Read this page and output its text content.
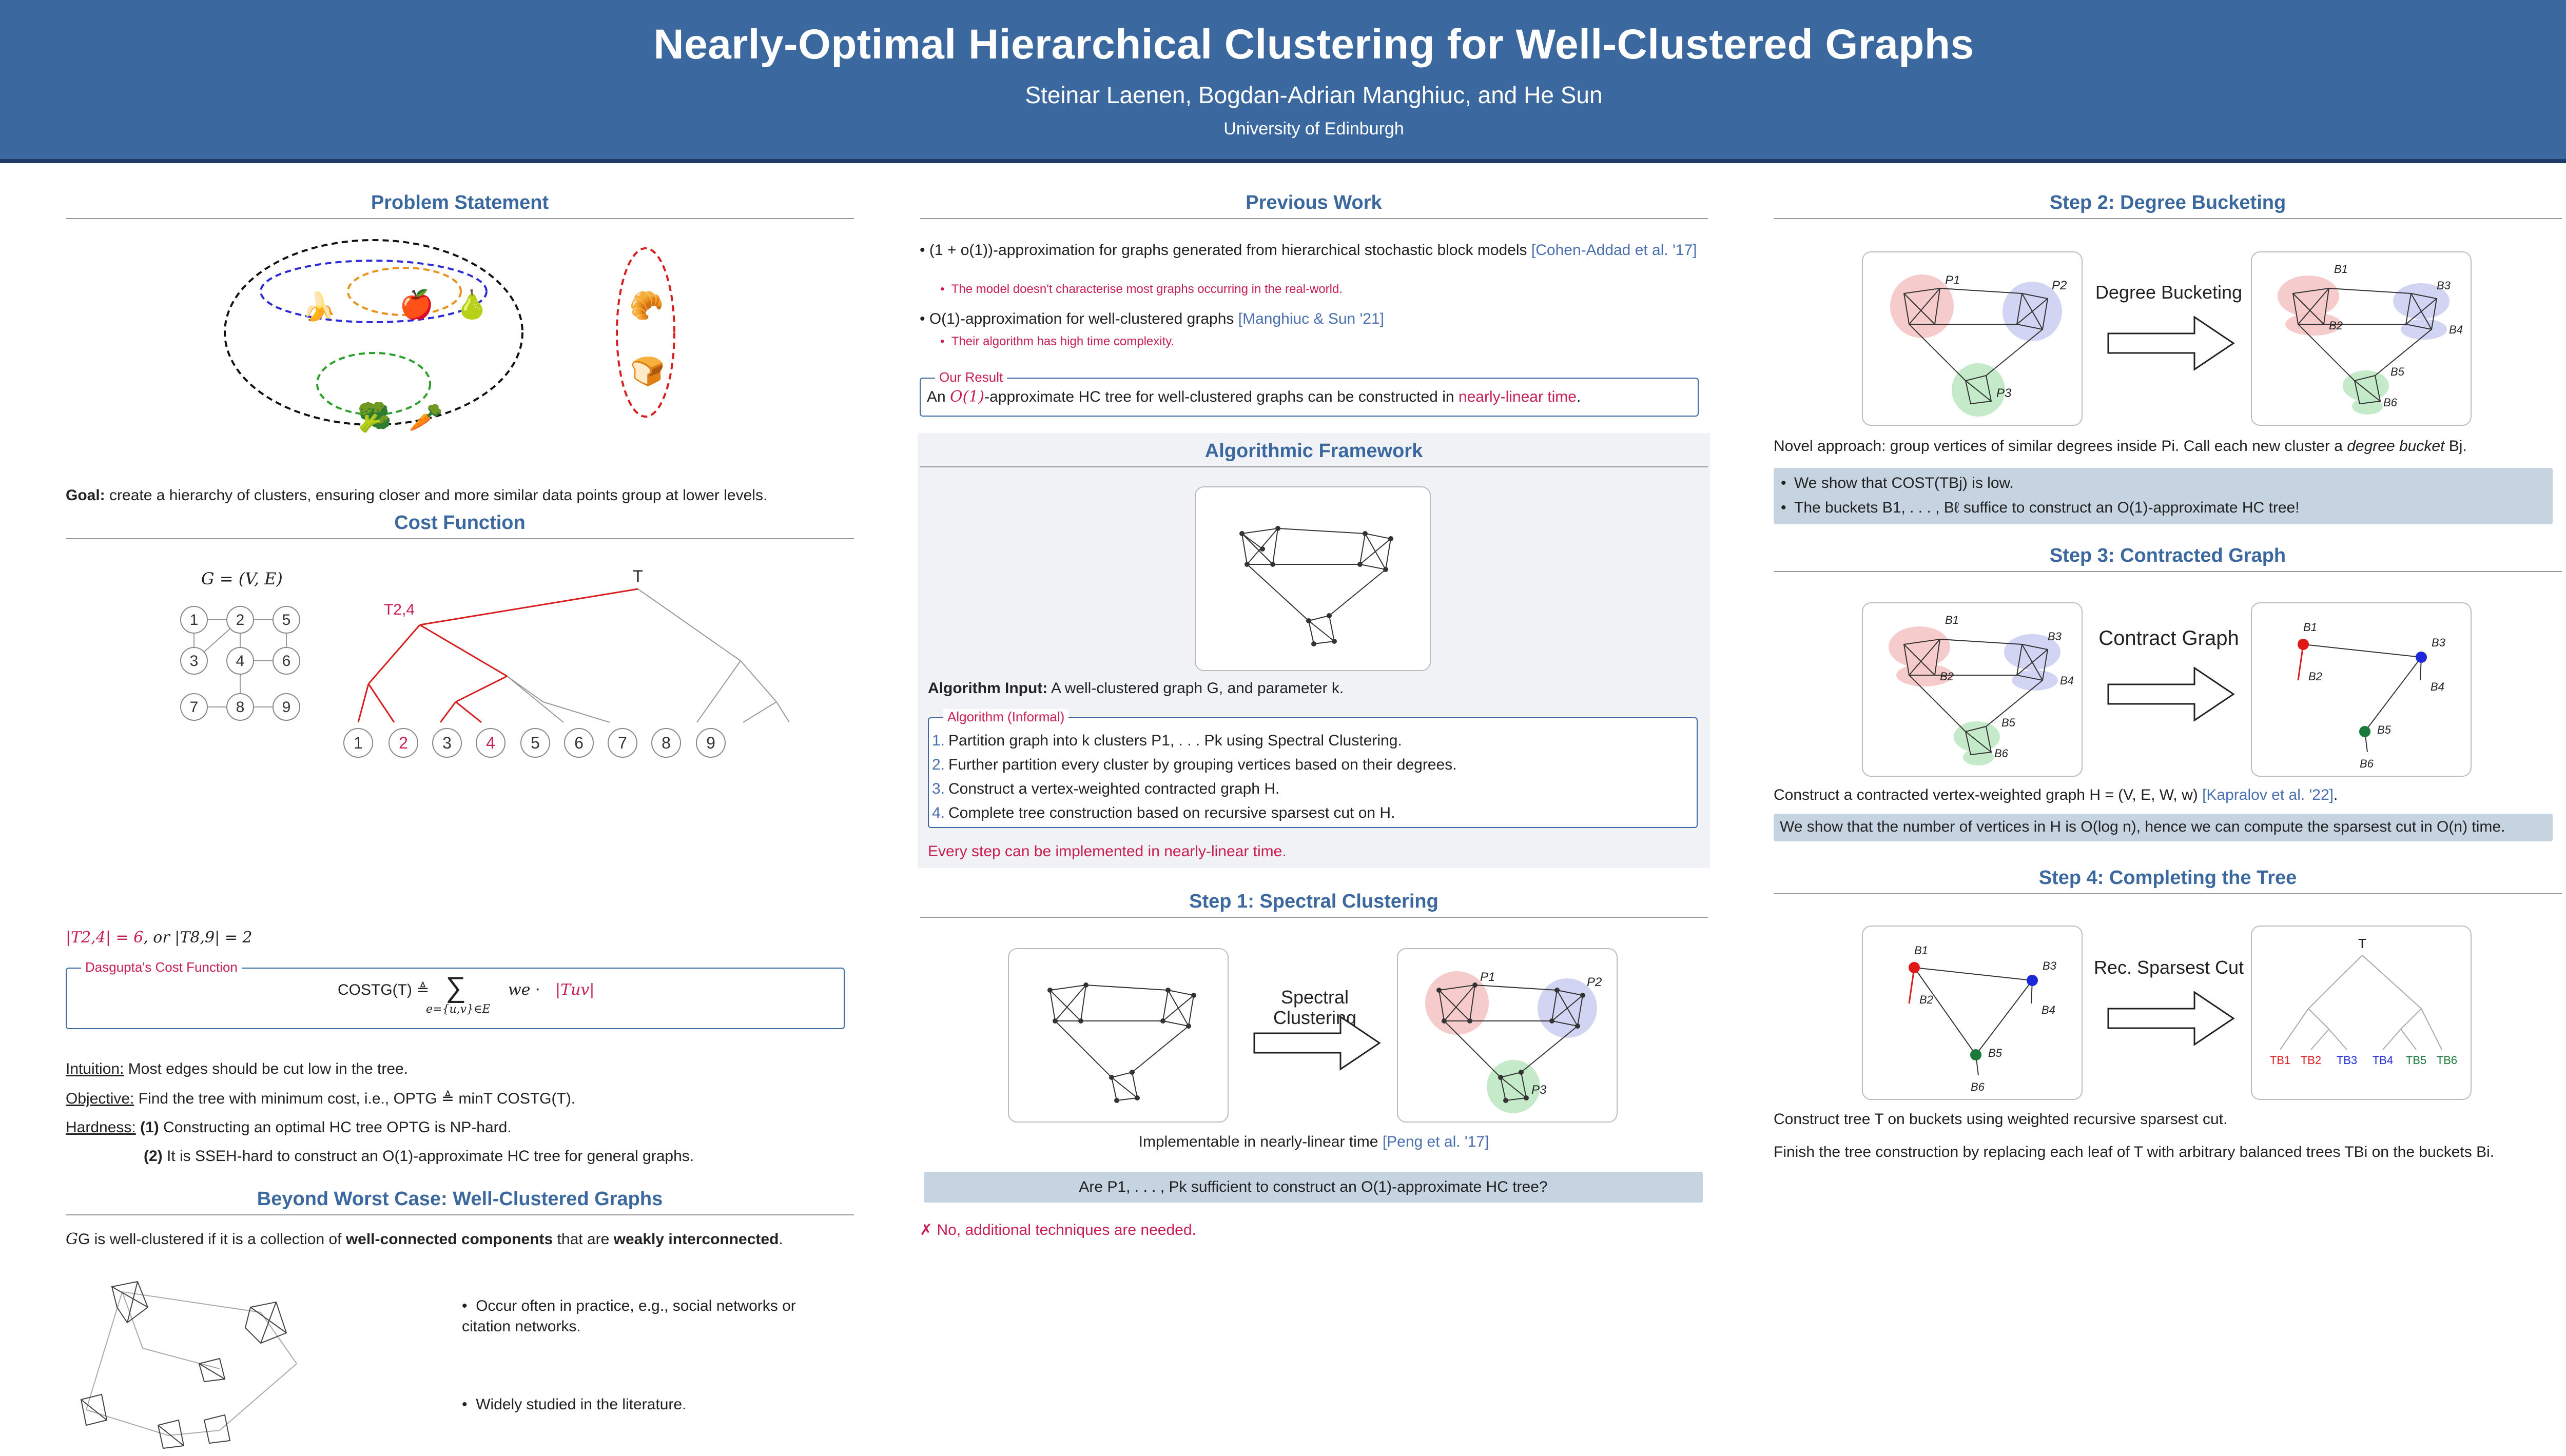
Nearly-Optimal Hierarchical Clustering for Well-Clustered Graphs
Steinar Laenen, Bogdan-Adrian Manghiuc, and He Sun
University of Edinburgh
Problem Statement
🍌 🍎 🍐	🥐
🍞
🥦 🥕
Goal: create a hierarchy of clusters, ensuring closer and more similar data points group at lower levels.
Cost Function
G = (V, E)
1 2 5
3 4 6
7 8 9
T
T2,4
1 2 3 4 5 6 7 8 9
|T2,4| = 6, or |T8,9| = 2
Dasgupta's Cost Function
COSTG(T) ≜ ∑
e={u,v}∈E
we · |Tuv|
Intuition: Most edges should be cut low in the tree.
Objective: Find the tree with minimum cost, i.e., OPTG ≜ minT COSTG(T).
Hardness: (1) Constructing an optimal HC tree OPTG is NP-hard.
(2) It is SSEH-hard to construct an O(1)-approximate HC tree for general graphs.
Beyond Worst Case: Well-Clustered Graphs
GG is well-clustered if it is a collection of well-connected components that are weakly interconnected.
•  Occur often in practice, e.g., social networks or citation networks.
•  Widely studied in the literature.
Previous Work
• (1 + o(1))-approximation for graphs generated from hierarchical stochastic block models [Cohen-Addad et al. '17]
•  The model doesn't characterise most graphs occurring in the real-world.
• O(1)-approximation for well-clustered graphs [Manghiuc & Sun '21]
•  Their algorithm has high time complexity.
Our Result
An O(1)-approximate HC tree for well-clustered graphs can be constructed in nearly-linear time.
Algorithmic Framework
Algorithm Input: A well-clustered graph G, and parameter k.
Algorithm (Informal)
1. Partition graph into k clusters P1, . . . Pk using Spectral Clustering.
2. Further partition every cluster by grouping vertices based on their degrees.
3. Construct a vertex-weighted contracted graph H.
4. Complete tree construction based on recursive sparsest cut on H.
Every step can be implemented in nearly-linear time.
Step 1: Spectral Clustering
Spectral Clustering
P1	P2
P3
Implementable in nearly-linear time [Peng et al. '17]
Are P1, . . . , Pk sufficient to construct an O(1)-approximate HC tree?
✗ No, additional techniques are needed.
Step 2: Degree Bucketing
P1	P2
P3
Degree Bucketing
B1
B2
B3
B4
B5
B6
Novel approach: group vertices of similar degrees inside Pi. Call each new cluster a degree bucket Bj.
• We show that COST(TBj) is low.
• The buckets B1, . . . , Bℓ suffice to construct an O(1)-approximate HC tree!
Step 3: Contracted Graph
B1
B2
B3
B4
B5
B6
Contract Graph	B1
B2
B3
B4
B5
B6
Construct a contracted vertex-weighted graph H = (V, E, W, w) [Kapralov et al. '22].
We show that the number of vertices in H is O(log n), hence we can compute the sparsest cut in O(n) time.
Step 4: Completing the Tree
B1
B2
B3
B4
B5
B6
Rec. Sparsest Cut
T
TB1 TB2 TB3 TB4 TB5 TB6
Construct tree T on buckets using weighted recursive sparsest cut.
Finish the tree construction by replacing each leaf of T with arbitrary balanced trees TBi on the buckets Bi.
